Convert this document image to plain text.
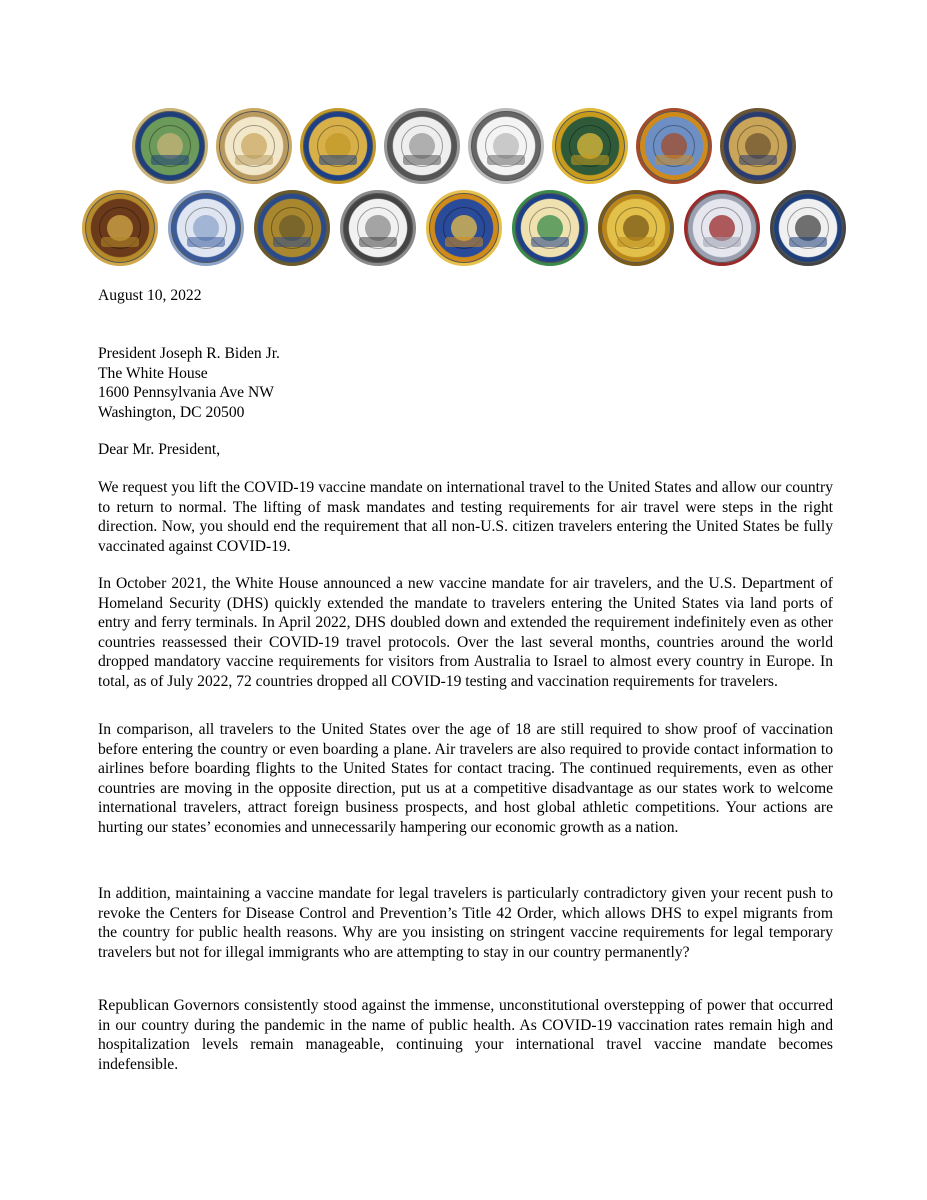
August 10, 2022
President Joseph R. Biden Jr.
The White House
1600 Pennsylvania Ave NW
Washington, DC 20500
Dear Mr. President,

We request you lift the COVID-19 vaccine mandate on international travel to the United States and allow our country to return to normal. The lifting of mask mandates and testing requirements for air travel were steps in the right direction. Now, you should end the requirement that all non-U.S. citizen travelers entering the United States be fully vaccinated against COVID-19.

In October 2021, the White House announced a new vaccine mandate for air travelers, and the U.S. Department of Homeland Security (DHS) quickly extended the mandate to travelers entering the United States via land ports of entry and ferry terminals. In April 2022, DHS doubled down and extended the requirement indefinitely even as other countries reassessed their COVID-19 travel protocols. Over the last several months, countries around the world dropped mandatory vaccine requirements for visitors from Australia to Israel to almost every country in Europe. In total, as of July 2022, 72 countries dropped all COVID-19 testing and vaccination requirements for travelers.

In comparison, all travelers to the United States over the age of 18 are still required to show proof of vaccination before entering the country or even boarding a plane. Air travelers are also required to provide contact information to airlines before boarding flights to the United States for contact tracing. The continued requirements, even as other countries are moving in the opposite direction, put us at a competitive disadvantage as our states work to welcome international travelers, attract foreign business prospects, and host global athletic competitions. Your actions are hurting our states’ economies and unnecessarily hampering our economic growth as a nation.

In addition, maintaining a vaccine mandate for legal travelers is particularly contradictory given your recent push to revoke the Centers for Disease Control and Prevention’s Title 42 Order, which allows DHS to expel migrants from the country for public health reasons. Why are you insisting on stringent vaccine requirements for legal temporary travelers but not for illegal immigrants who are attempting to stay in our country permanently?

Republican Governors consistently stood against the immense, unconstitutional overstepping of power that occurred in our country during the pandemic in the name of public health. As COVID-19 vaccination rates remain high and hospitalization levels remain manageable, continuing your international travel vaccine mandate becomes indefensible.
